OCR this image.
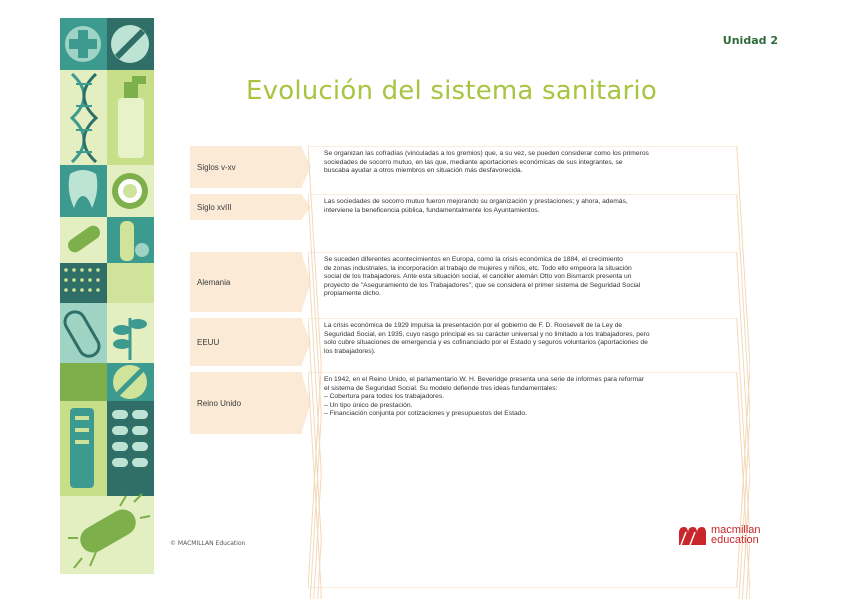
Unidad 2
Evolución del sistema sanitario
Siglos v-xv
Se organizan las cofradías (vinculadas a los gremios) que, a su vez, se pueden considerar como los primeros
sociedades de socorro mutuo, en las que, mediante aportaciones económicas de sus integrantes, se
buscaba ayudar a otros miembros en situación más desfavorecida.
Siglo xvIII
Las sociedades de socorro mutuo fueron mejorando su organización y prestaciones; y ahora, además,
interviene la beneficencia pública, fundamentalmente los Ayuntamientos.
Alemania
Se suceden diferentes acontecimientos en Europa, como la crisis económica de 1884, el crecimiento
de zonas industriales, la incorporación al trabajo de mujeres y niños, etc. Todo ello empeora la situación
social de los trabajadores. Ante esta situación social, el canciller alemán Otto von Bismarck presenta un
proyecto de "Aseguramiento de los Trabajadores", que se considera el primer sistema de Seguridad Social
propiamente dicho.
EEUU
La crisis económica de 1929 impulsa la presentación por el gobierno de F. D. Roosevelt de la Ley de
Seguridad Social, en 1935, cuyo rasgo principal es su carácter universal y no limitado a los trabajadores, pero
solo cubre situaciones de emergencia y es cofinanciado por el Estado y seguros voluntarios (aportaciones de
los trabajadores).
Reino Unido
En 1942, en el Reino Unido, el parlamentario W. H. Beveridge presenta una serie de informes para reformar
el sistema de Seguridad Social. Su modelo defiende tres ideas fundamentales:
– Cobertura para todos los trabajadores.
– Un tipo único de prestación.
– Financiación conjunta por cotizaciones y presupuestos del Estado.
© MACMILLAN Education
macmillan
education
